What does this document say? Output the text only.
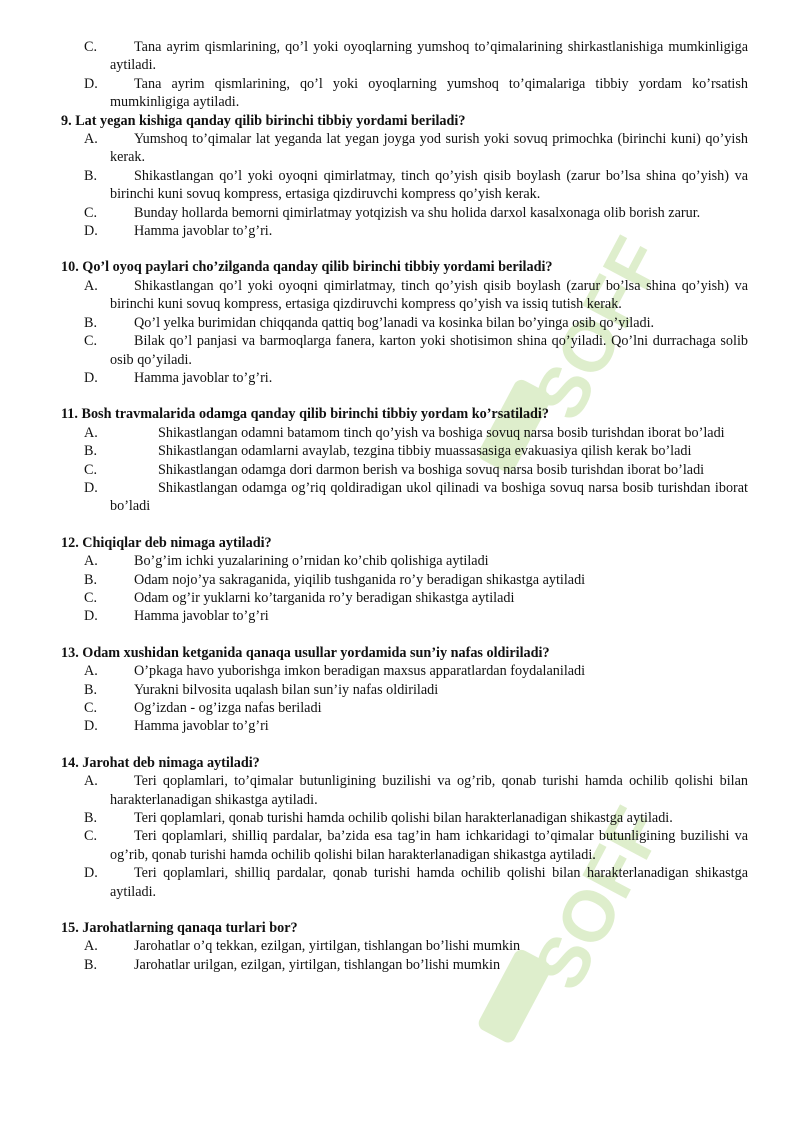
SOFF
SOFF
C.	Tana ayrim qismlarining, qo’l yoki oyoqlarning yumshoq to’qimalarining shirkastlanishiga mumkinligiga aytiladi.
D.	Tana ayrim qismlarining, qo’l yoki oyoqlarning yumshoq to’qimalariga tibbiy yordam ko’rsatish mumkinligiga aytiladi.
9. Lat yegan kishiga qanday qilib birinchi tibbiy yordami beriladi?
A.	Yumshoq to’qimalar lat yeganda lat yegan joyga yod surish yoki sovuq primochka (birinchi kuni) qo’yish kerak.
B.	Shikastlangan qo’l yoki oyoqni qimirlatmay, tinch qo’yish qisib boylash (zarur bo’lsa shina qo’yish) va birinchi kuni sovuq kompress, ertasiga qizdiruvchi kompress qo’yish kerak.
C.	Bunday hollarda bemorni qimirlatmay yotqizish va shu holida darxol kasalxonaga olib borish zarur.
D.	Hamma javoblar to’g’ri.
10. Qo’l oyoq paylari cho’zilganda qanday qilib birinchi tibbiy yordami beriladi?
A.	Shikastlangan qo’l yoki oyoqni qimirlatmay, tinch qo’yish qisib boylash (zarur bo’lsa shina qo’yish) va birinchi kuni sovuq kompress, ertasiga qizdiruvchi kompress qo’yish va issiq tutish kerak.
B.	Qo’l yelka burimidan chiqqanda qattiq bog’lanadi va kosinka bilan bo’yinga osib qo’yiladi.
C.	Bilak qo’l panjasi va barmoqlarga fanera, karton yoki shotisimon shina qo’yiladi. Qo’lni durrachaga solib osib qo’yiladi.
D.	Hamma javoblar to’g’ri.
11. Bosh travmalarida odamga qanday qilib birinchi tibbiy yordam ko’rsatiladi?
A.	Shikastlangan odamni batamom tinch qo’yish va boshiga sovuq narsa bosib turishdan iborat bo’ladi
B.	Shikastlangan odamlarni avaylab, tezgina tibbiy muassasasiga evakuasiya qilish kerak bo’ladi
C.	Shikastlangan odamga dori darmon berish va boshiga sovuq narsa bosib turishdan iborat bo’ladi
D.	Shikastlangan odamga og’riq qoldiradigan ukol qilinadi va boshiga sovuq narsa bosib turishdan iborat bo’ladi
12. Chiqiqlar deb nimaga aytiladi?
A.	Bo’g’im ichki yuzalarining o’rnidan ko’chib qolishiga aytiladi
B.	Odam nojo’ya sakraganida, yiqilib tushganida ro’y beradigan shikastga aytiladi
C.	Odam og’ir yuklarni ko’targanida ro’y beradigan shikastga aytiladi
D.	Hamma javoblar to’g’ri
13. Odam xushidan ketganida qanaqa usullar yordamida sun’iy nafas oldiriladi?
A.	O’pkaga havo yuborishga imkon beradigan maxsus apparatlardan foydalaniladi
B.	Yurakni bilvosita uqalash bilan sun’iy nafas oldiriladi
C.	Og’izdan - og’izga nafas beriladi
D.	Hamma javoblar to’g’ri
14. Jarohat deb nimaga aytiladi?
A.	Teri qoplamlari, to’qimalar butunligining buzilishi va og’rib, qonab turishi hamda ochilib qolishi bilan harakterlanadigan shikastga aytiladi.
B.	Teri qoplamlari, qonab turishi hamda ochilib qolishi bilan harakterlanadigan shikastga aytiladi.
C.	Teri qoplamlari, shilliq pardalar, ba’zida esa tag’in ham ichkaridagi to’qimalar butunligining buzilishi va og’rib, qonab turishi hamda ochilib qolishi bilan harakterlanadigan shikastga aytiladi.
D.	Teri qoplamlari, shilliq pardalar, qonab turishi hamda ochilib qolishi bilan harakterlanadigan shikastga aytiladi.
15. Jarohatlarning qanaqa turlari bor?
A.	Jarohatlar o’q tekkan, ezilgan, yirtilgan, tishlangan bo’lishi mumkin
B.	Jarohatlar urilgan, ezilgan, yirtilgan, tishlangan bo’lishi mumkin
